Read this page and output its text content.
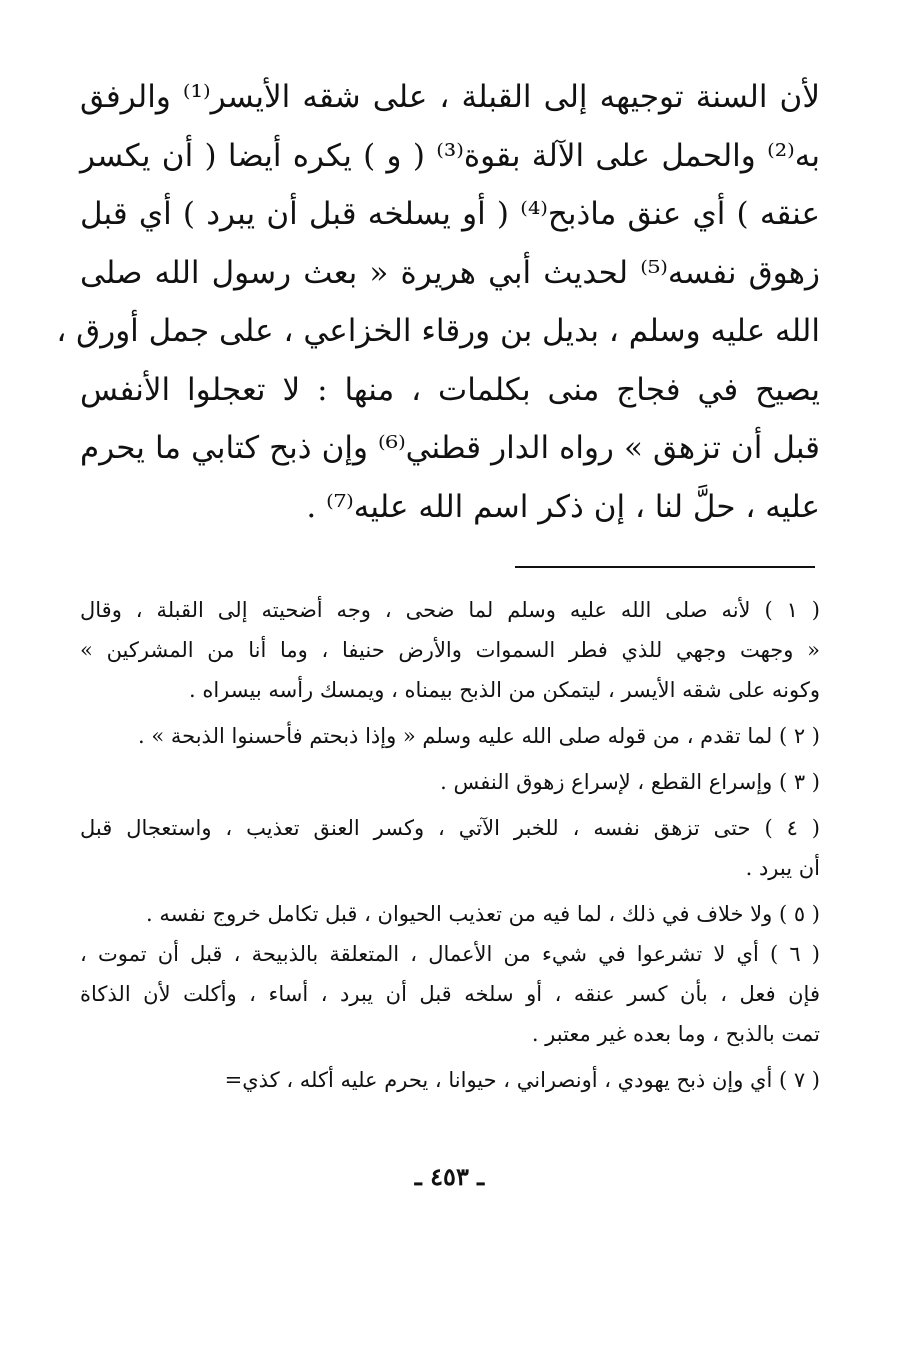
لأن السنة توجيهه إلى القبلة ، على شقه الأيسر⁽¹⁾ والرفق
به⁽²⁾ والحمل على الآلة بقوة⁽³⁾ ( و ) يكره أيضا ( أن يكسر
عنقه ) أي عنق ماذبح⁽⁴⁾ ( أو يسلخه قبل أن يبرد ) أي قبل
زهوق نفسه⁽⁵⁾ لحديث أبي هريرة « بعث رسول الله صلى
الله عليه وسلم ، بديل بن ورقاء الخزاعي ، على جمل أورق ،
يصيح في فجاج منى بكلمات ، منها : لا تعجلوا الأنفس
قبل أن تزهق » رواه الدار قطني⁽⁶⁾ وإن ذبح كتابي ما يحرم
عليه ، حلَّ لنا ، إن ذكر اسم الله عليه⁽⁷⁾ .
( ١ ) لأنه صلى الله عليه وسلم لما ضحى ، وجه أضحيته إلى القبلة ، وقال
« وجهت وجهي للذي فطر السموات والأرض حنيفا ، وما أنا من المشركين »
وكونه على شقه الأيسر ، ليتمكن من الذبح بيمناه ، ويمسك رأسه بيسراه .
( ٢ ) لما تقدم ، من قوله صلى الله عليه وسلم « وإذا ذبحتم فأحسنوا الذبحة » .
( ٣ ) وإسراع القطع ، لإسراع زهوق النفس .
( ٤ ) حتى تزهق نفسه ، للخبر الآتي ، وكسر العنق تعذيب ، واستعجال قبل
أن يبرد .
( ٥ ) ولا خلاف في ذلك ، لما فيه من تعذيب الحيوان ، قبل تكامل خروج نفسه .
( ٦ ) أي لا تشرعوا في شيء من الأعمال ، المتعلقة بالذبيحة ، قبل أن تموت ،
فإن فعل ، بأن كسر عنقه ، أو سلخه قبل أن يبرد ، أساء ، وأكلت لأن الذكاة
تمت بالذبح ، وما بعده غير معتبر .
( ٧ ) أي وإن ذبح يهودي ، أونصراني ، حيوانا ، يحرم عليه أكله ، كذي=
ـ ٤٥٣ ـ
